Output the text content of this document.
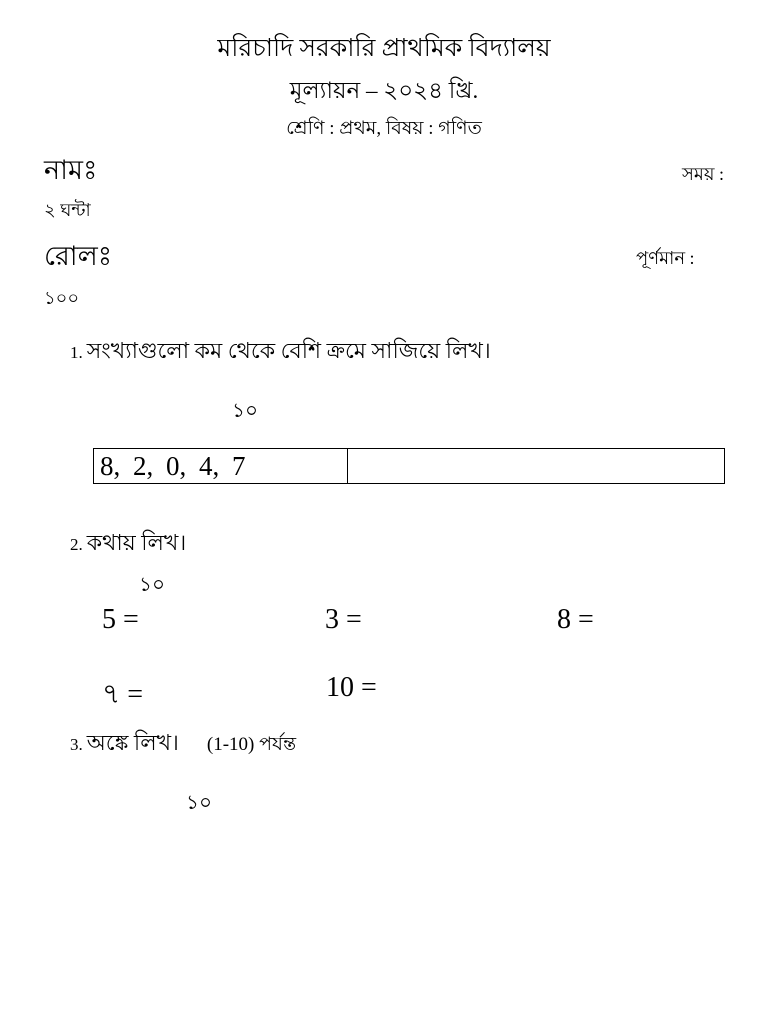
মরিচাদি সরকারি প্রাথমিক বিদ্যালয়
মূল্যায়ন – ২০২৪ খ্রি.
শ্রেণি : প্রথম, বিষয় : গণিত
নামঃ	সময় :
২ ঘন্টা
রোলঃ	পূর্ণমান :
১০০
1. সংখ্যাগুলো কম থেকে বেশি ক্রমে সাজিয়ে লিখ।
১০
8, 2, 0, 4, 7
2. কথায় লিখ।
১০
5 =	3 =	8 =
৭ =	10 =
3. অঙ্কে লিখ। (1-10) পর্যন্ত
১০
